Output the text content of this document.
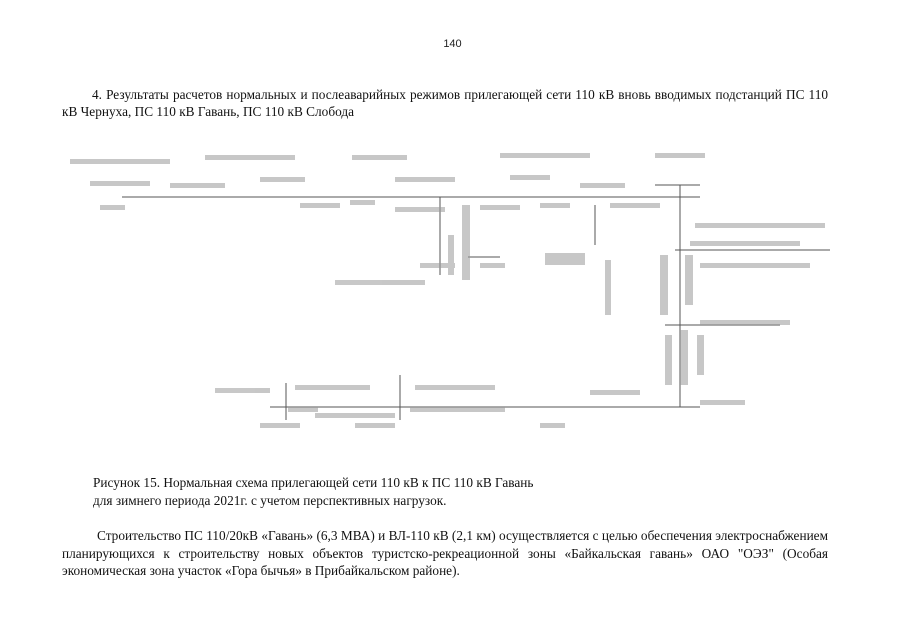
140
4. Результаты расчетов нормальных и послеаварийных режимов прилегающей сети 110 кВ вновь вводимых подстанций ПС 110 кВ Чернуха, ПС 110 кВ Гавань, ПС 110 кВ Слобода
Рисунок 15. Нормальная схема прилегающей сети 110 кВ к ПС 110 кВ Гавань
для зимнего периода 2021г. с учетом перспективных нагрузок.
Строительство ПС 110/20кВ «Гавань» (6,3 МВА) и ВЛ-110 кВ (2,1 км) осуществляется с целью обеспечения электроснабжением планирующихся к строительству новых объектов туристско-рекреационной зоны «Байкальская гавань» ОАО "ОЭЗ" (Особая экономическая зона участок «Гора бычья» в Прибайкальском районе).
